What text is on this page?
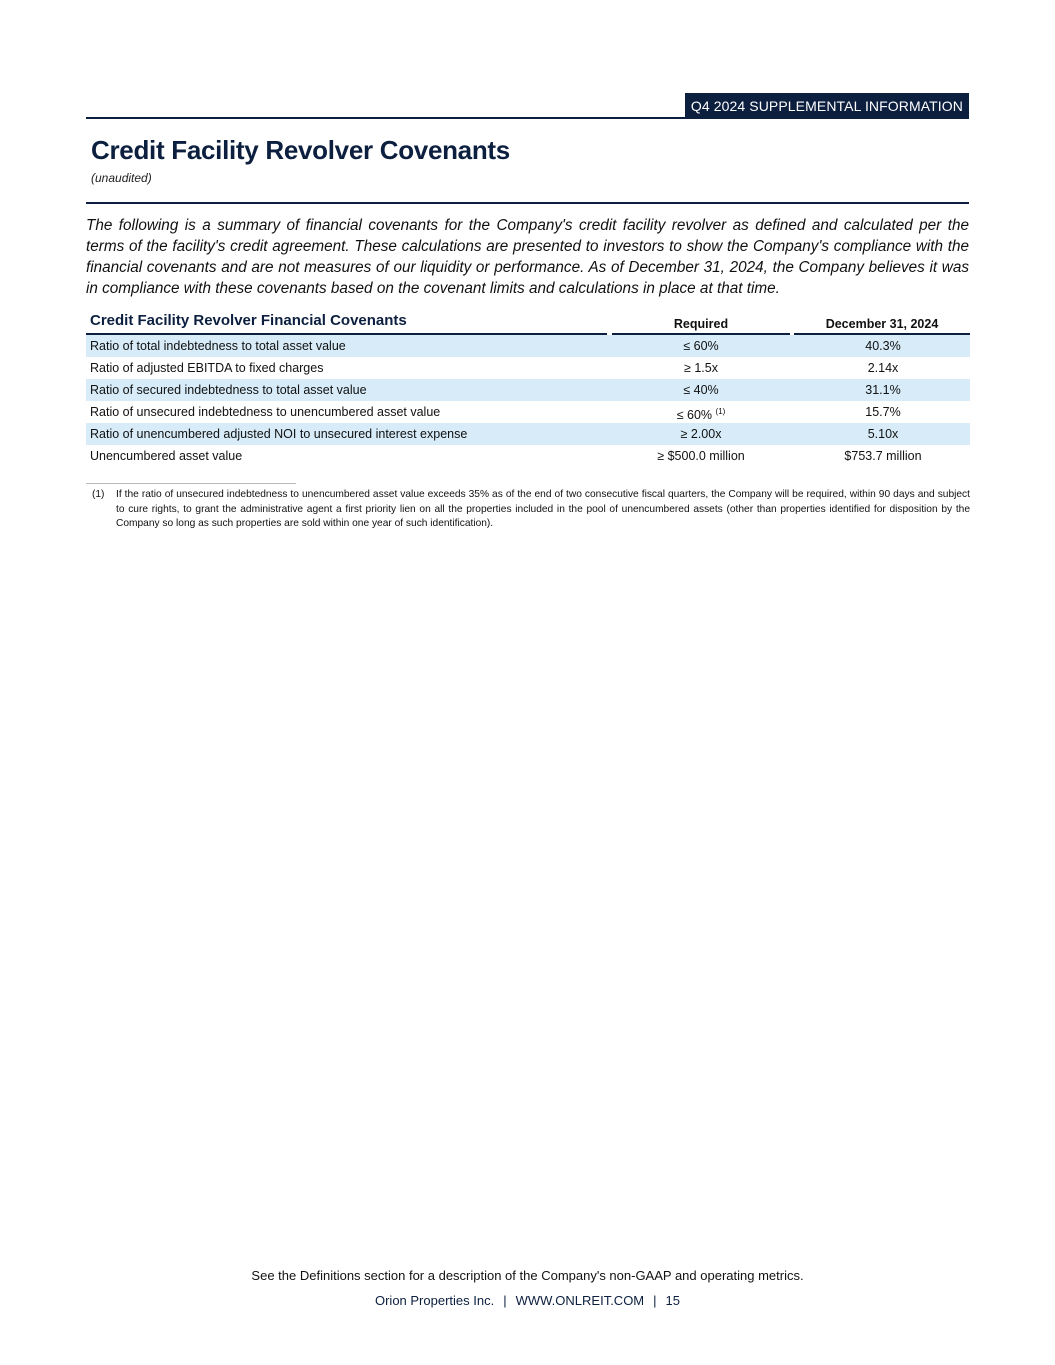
Q4 2024 SUPPLEMENTAL INFORMATION
Credit Facility Revolver Covenants
(unaudited)

The following is a summary of financial covenants for the Company's credit facility revolver as defined and calculated per the terms of the facility's credit agreement. These calculations are presented to investors to show the Company's compliance with the financial covenants and are not measures of our liquidity or performance. As of December 31, 2024, the Company believes it was in compliance with these covenants based on the covenant limits and calculations in place at that time.

Credit Facility Revolver Financial Covenants	Required	December 31, 2024
Ratio of total indebtedness to total asset value	≤ 60%	40.3%
Ratio of adjusted EBITDA to fixed charges	≥ 1.5x	2.14x
Ratio of secured indebtedness to total asset value	≤ 40%	31.1%
Ratio of unsecured indebtedness to unencumbered asset value	≤ 60% $^{(1)}$	15.7%
Ratio of unencumbered adjusted NOI to unsecured interest expense	≥ 2.00x	5.10x
Unencumbered asset value	≥ $500.0 million	$753.7 million
(1) If the ratio of unsecured indebtedness to unencumbered asset value exceeds 35% as of the end of two consecutive fiscal quarters, the Company will be required, within 90 days and subject to cure rights, to grant the administrative agent a first priority lien on all the properties included in the pool of unencumbered assets (other than properties identified for disposition by the Company so long as such properties are sold within one year of such identification).
See the Definitions section for a description of the Company's non-GAAP and operating metrics.
Orion Properties Inc. | WWW.ONLREIT.COM | 15
